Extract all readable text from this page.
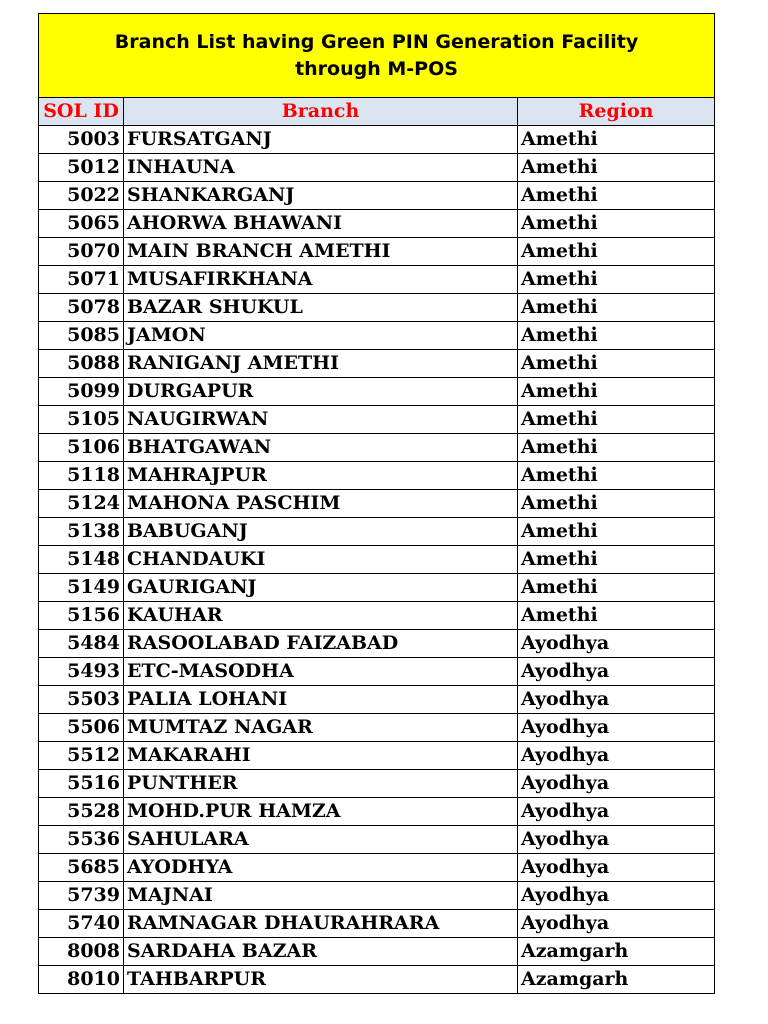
Branch List having Green PIN Generation Facility
through M-POS		

SOL ID	Branch	Region
5003	FURSATGANJ	Amethi
5012	INHAUNA	Amethi
5022	SHANKARGANJ	Amethi
5065	AHORWA BHAWANI	Amethi
5070	MAIN BRANCH AMETHI	Amethi
5071	MUSAFIRKHANA	Amethi
5078	BAZAR SHUKUL	Amethi
5085	JAMON	Amethi
5088	RANIGANJ AMETHI	Amethi
5099	DURGAPUR	Amethi
5105	NAUGIRWAN	Amethi
5106	BHATGAWAN	Amethi
5118	MAHRAJPUR	Amethi
5124	MAHONA PASCHIM	Amethi
5138	BABUGANJ	Amethi
5148	CHANDAUKI	Amethi
5149	GAURIGANJ	Amethi
5156	KAUHAR	Amethi
5484	RASOOLABAD FAIZABAD	Ayodhya
5493	ETC-MASODHA	Ayodhya
5503	PALIA LOHANI	Ayodhya
5506	MUMTAZ NAGAR	Ayodhya
5512	MAKARAHI	Ayodhya
5516	PUNTHER	Ayodhya
5528	MOHD.PUR HAMZA	Ayodhya
5536	SAHULARA	Ayodhya
5685	AYODHYA	Ayodhya
5739	MAJNAI	Ayodhya
5740	RAMNAGAR DHAURAHRARA	Ayodhya
8008	SARDAHA BAZAR	Azamgarh
8010	TAHBARPUR	Azamgarh
